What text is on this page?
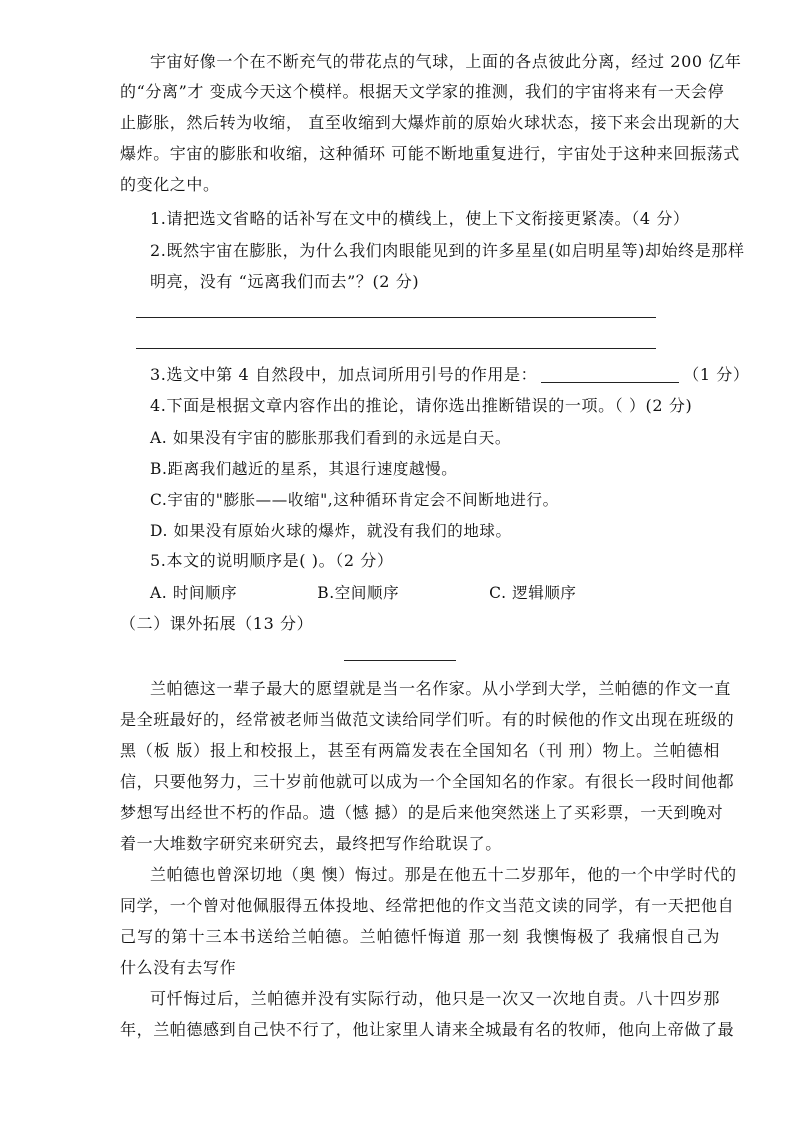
宇宙好像一个在不断充气的带花点的气球，上面的各点彼此分离，经过 200 亿年
的“分离”才 变成今天这个模样。根据天文学家的推测，我们的宇宙将来有一天会停
止膨胀，然后转为收缩， 直至收缩到大爆炸前的原始火球状态，接下来会出现新的大
爆炸。宇宙的膨胀和收缩，这种循环 可能不断地重复进行，宇宙处于这种来回振荡式
的变化之中。
1.请把选文省略的话补写在文中的横线上，使上下文衔接更紧凑。（4 分）
2.既然宇宙在膨胀，为什么我们肉眼能见到的许多星星(如启明星等)却始终是那样
明亮，没有 “远离我们而去”？(2 分)
3.选文中第 4 自然段中，加点词所用引号的作用是：	（1 分）
4.下面是根据文章内容作出的推论，请你选出推断错误的一项。（ ）(2 分)
A. 如果没有宇宙的膨胀那我们看到的永远是白天。
B.距离我们越近的星系，其退行速度越慢。
C.宇宙的"膨胀——收缩",这种循环肯定会不间断地进行。
D. 如果没有原始火球的爆炸，就没有我们的地球。
5.本文的说明顺序是( )。（2 分）
A. 时间顺序	B.空间顺序	C. 逻辑顺序
（二）课外拓展（13 分）
兰帕德这一辈子最大的愿望就是当一名作家。从小学到大学，兰帕德的作文一直
是全班最好的，经常被老师当做范文读给同学们听。有的时候他的作文出现在班级的
黑（板 版）报上和校报上，甚至有两篇发表在全国知名（刊 刑）物上。兰帕德相
信，只要他努力，三十岁前他就可以成为一个全国知名的作家。有很长一段时间他都
梦想写出经世不朽的作品。遗（憾 撼）的是后来他突然迷上了买彩票，一天到晚对
着一大堆数字研究来研究去，最终把写作给耽误了。
兰帕德也曾深切地（奥 懊）悔过。那是在他五十二岁那年，他的一个中学时代的
同学，一个曾对他佩服得五体投地、经常把他的作文当范文读的同学，有一天把他自
己写的第十三本书送给兰帕德。兰帕德忏悔道 那一刻 我懊悔极了 我痛恨自己为
什么没有去写作
可忏悔过后，兰帕德并没有实际行动，他只是一次又一次地自责。八十四岁那
年，兰帕德感到自己快不行了，他让家里人请来全城最有名的牧师，他向上帝做了最
